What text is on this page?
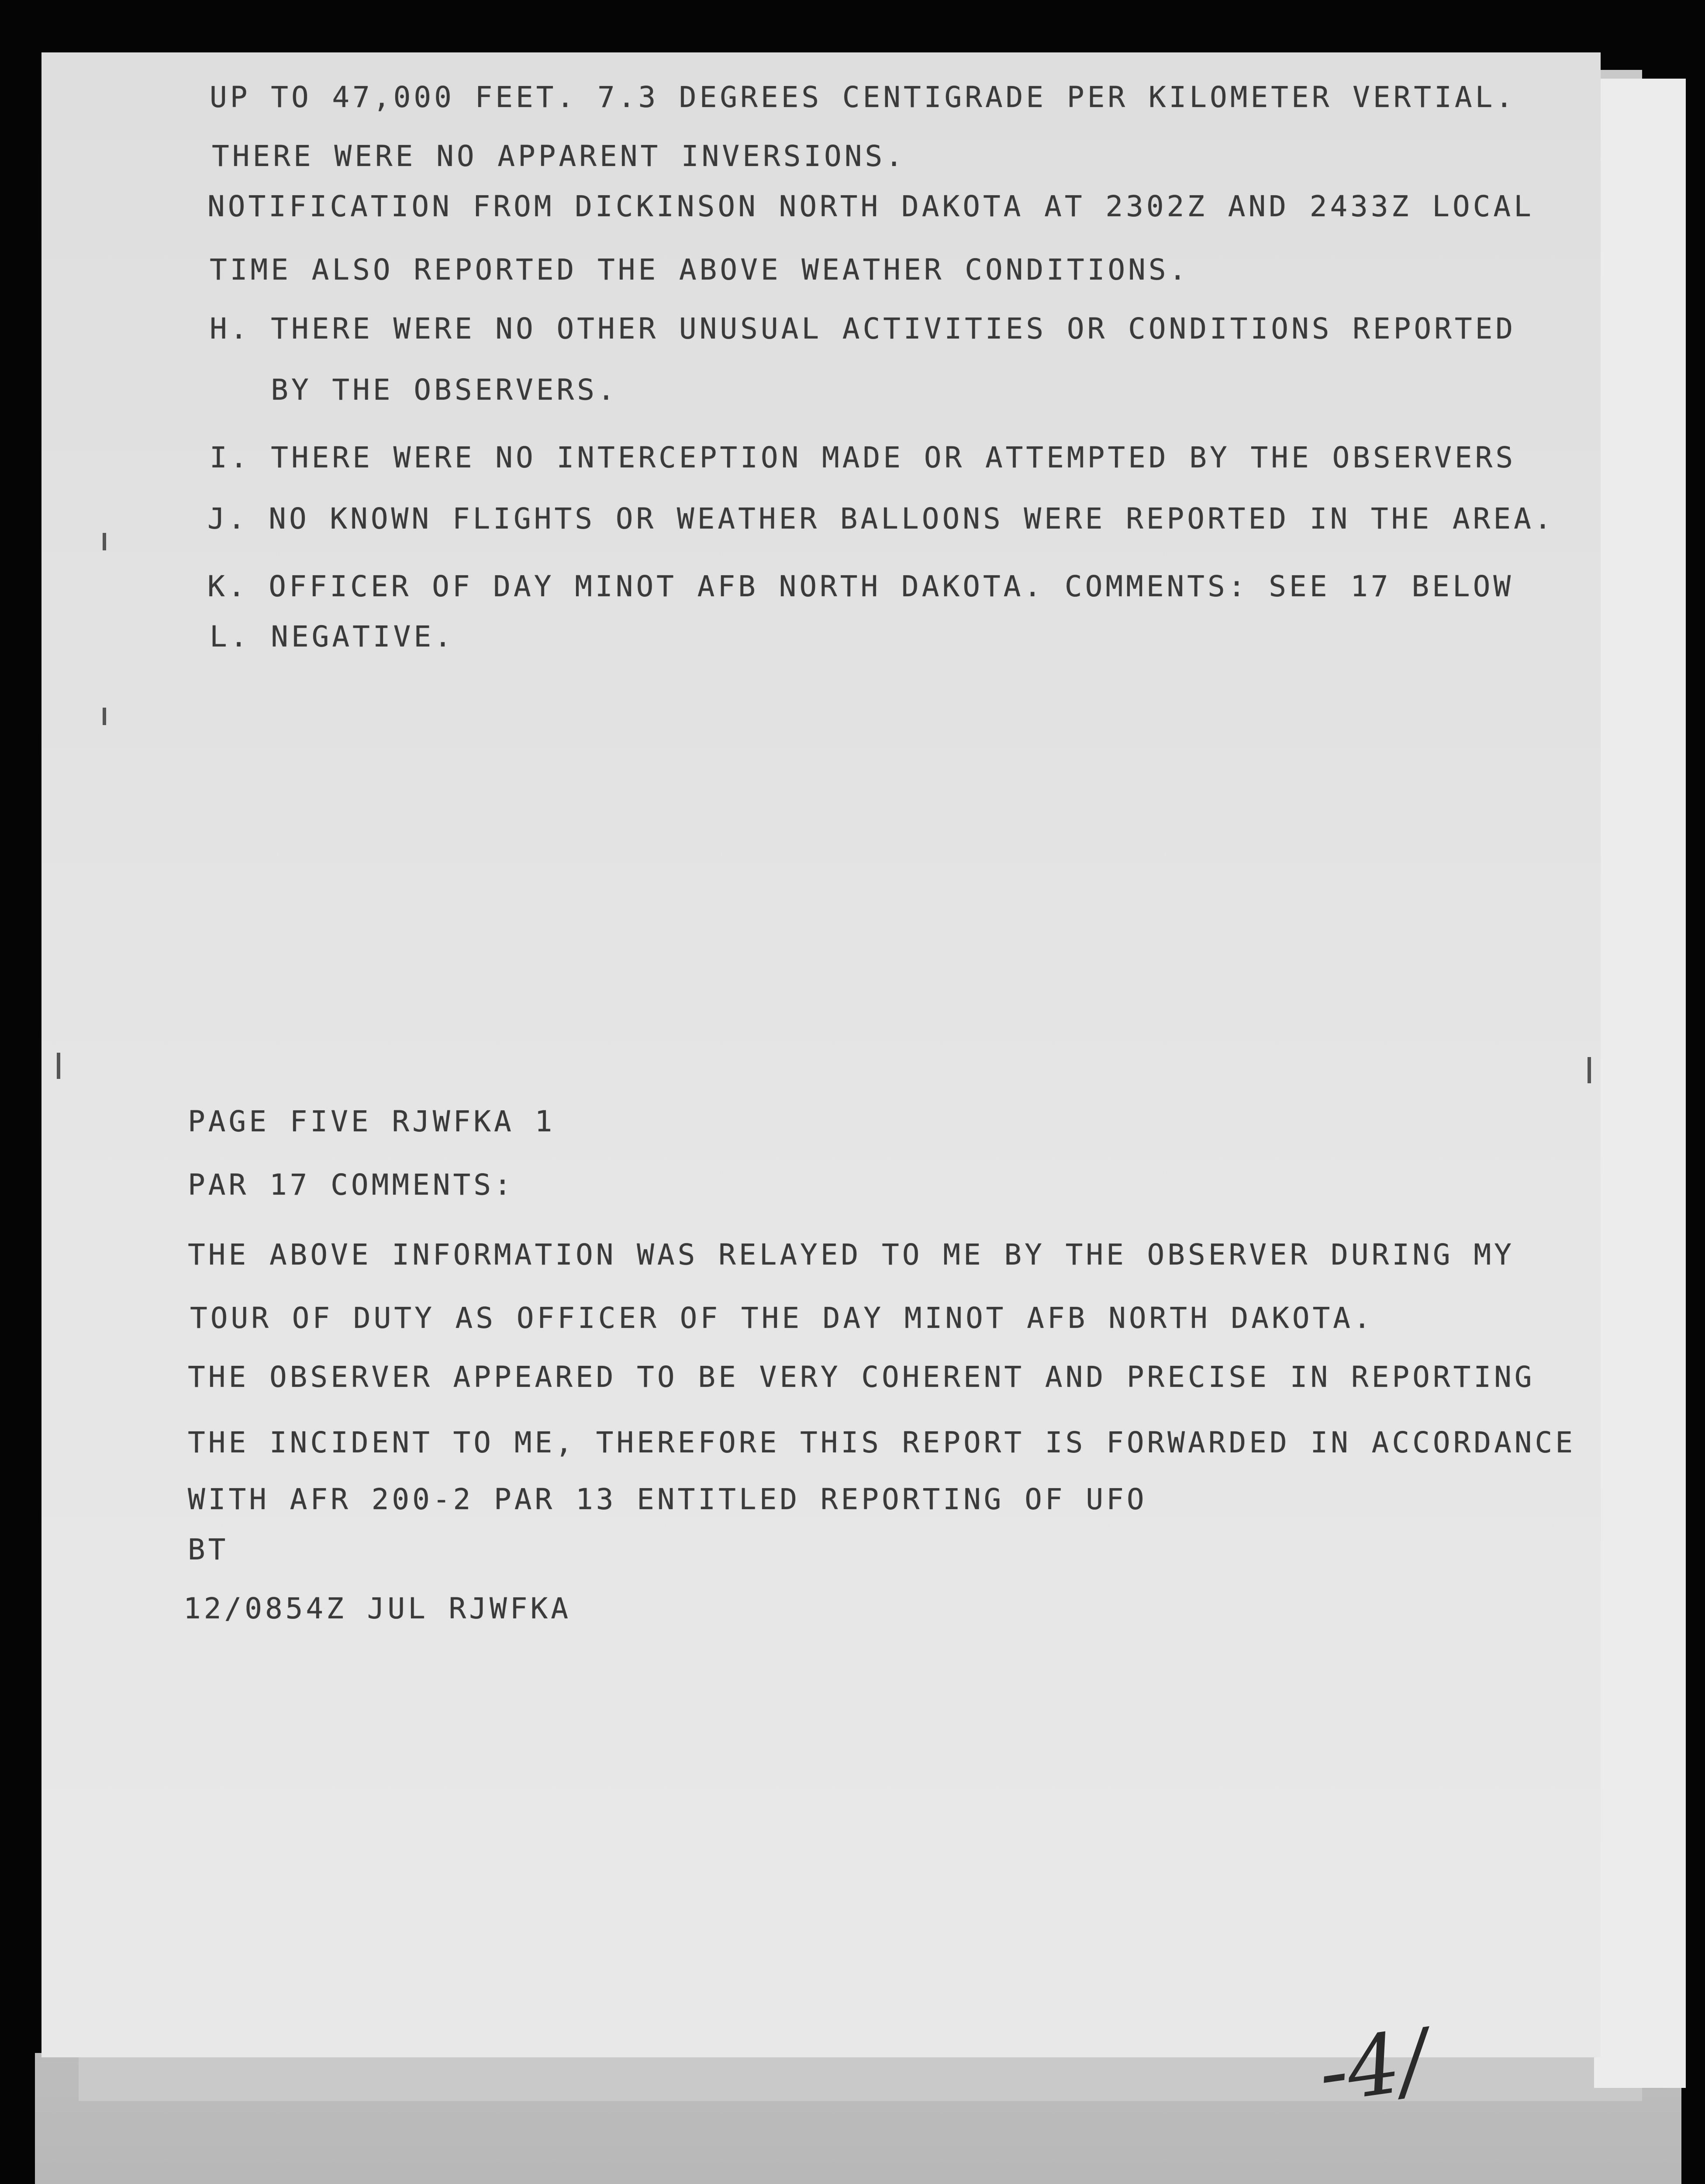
UP TO 47,000 FEET. 7.3 DEGREES CENTIGRADE PER KILOMETER VERTIAL.
THERE WERE NO APPARENT INVERSIONS.
NOTIFICATION FROM DICKINSON NORTH DAKOTA AT 2302Z AND 2433Z LOCAL
TIME ALSO REPORTED THE ABOVE WEATHER CONDITIONS.
H. THERE WERE NO OTHER UNUSUAL ACTIVITIES OR CONDITIONS REPORTED
BY THE OBSERVERS.
I. THERE WERE NO INTERCEPTION MADE OR ATTEMPTED BY THE OBSERVERS
J. NO KNOWN FLIGHTS OR WEATHER BALLOONS WERE REPORTED IN THE AREA.
K. OFFICER OF DAY MINOT AFB NORTH DAKOTA. COMMENTS: SEE 17 BELOW
L. NEGATIVE.
PAGE FIVE RJWFKA 1
PAR 17 COMMENTS:
THE ABOVE INFORMATION WAS RELAYED TO ME BY THE OBSERVER DURING MY
TOUR OF DUTY AS OFFICER OF THE DAY MINOT AFB NORTH DAKOTA.
THE OBSERVER APPEARED TO BE VERY COHERENT AND PRECISE IN REPORTING
THE INCIDENT TO ME, THEREFORE THIS REPORT IS FORWARDED IN ACCORDANCE
WITH AFR 200-2 PAR 13 ENTITLED REPORTING OF UFO
BT
12/0854Z JUL RJWFKA
-4/
